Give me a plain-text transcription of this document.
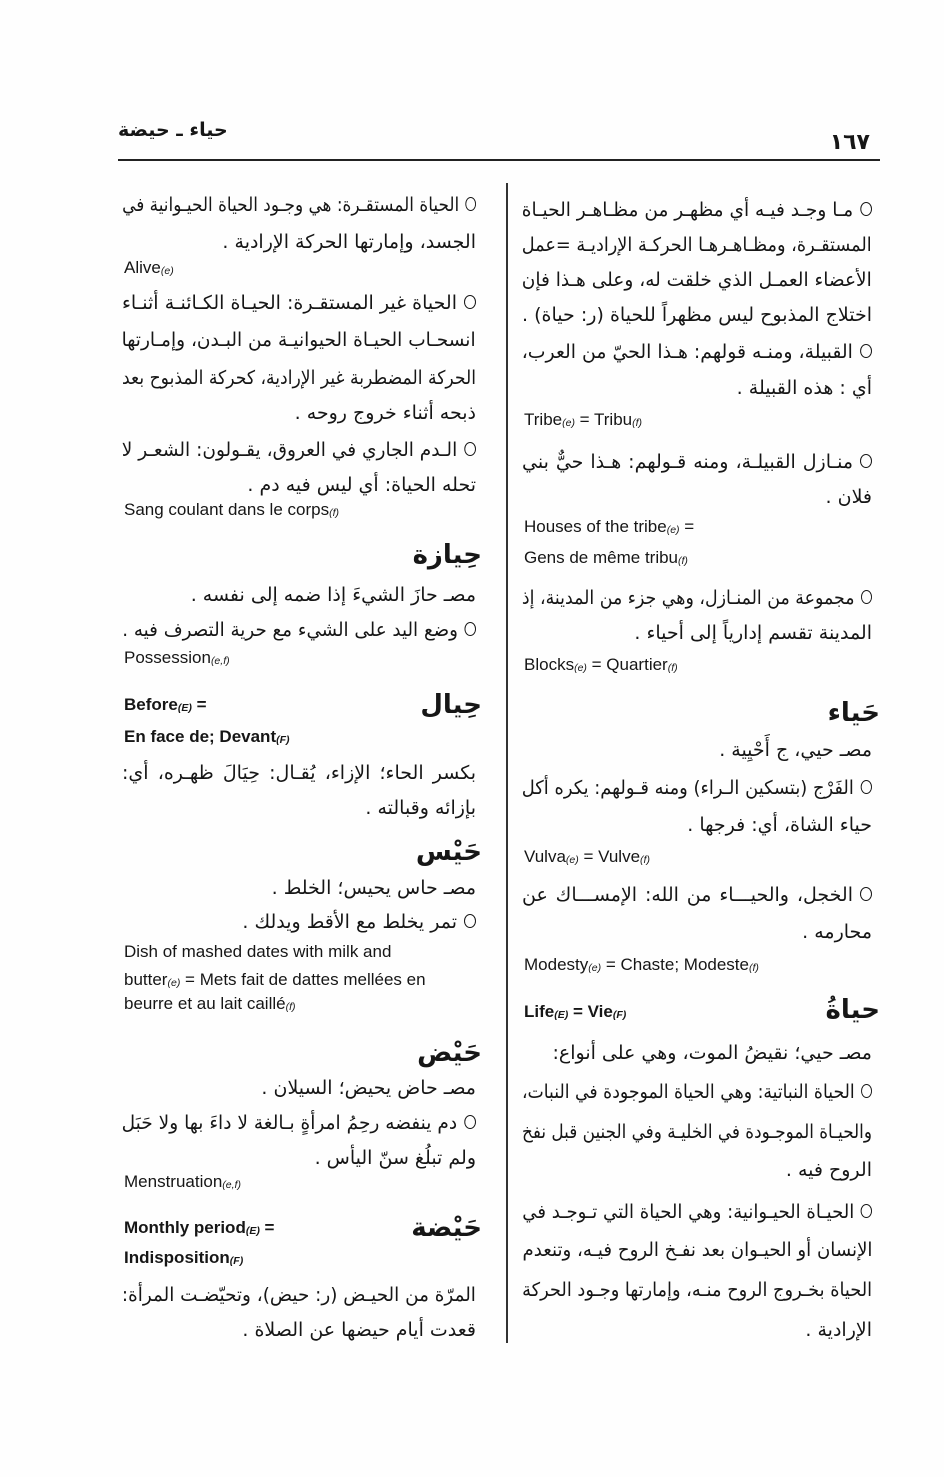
١٦٧
حياء ـ حيضة
مـا وجـد فيـه أي مظهـر من مظـاهـر الحيـاة
المستقـرة، ومظـاهـرهـا الحركـة الإراديـة =عمل
الأعضاء العمـل الذي خلقت له، وعلى هـذا فإن
اختلاج المذبوح ليس مظهراً للحياة (ر: حياة) .
القبيلة، ومنـه قولهم: هـذا الحيّ من العرب،
أي : هذه القبيلة .
Tribe(e) = Tribu(f)
منـازل القبيلـة، ومنه قـولهم: هـذا حيٌّ بني
فلان .
Houses of the tribe(e) =
Gens de même tribu(f)
مجموعة من المنـازل، وهي جزء من المدينة، إذ
المدينة تقسم إدارياً إلى أحياء .
Blocks(e) = Quartier(f)
حَياء
مصـ حيي، ج أَحْيِية .
الفَرْج (بتسكين الـراء) ومنه قـولهم: يكره أكل
حياء الشاة، أي: فرجها .
Vulva(e) = Vulve(f)
الخجل، والحيـــاء من الله: الإمســـاك عن
محارمه .
Modesty(e) = Chaste; Modeste(f)
حياةُ
Life(E) = Vie(F)
مصـ حيي؛ نقيضُ الموت، وهي على أنواع:
الحياة النباتية: وهي الحياة الموجودة في النبات،
والحيـاة الموجـودة في الخليـة وفي الجنين قبل نفخ
الروح فيه .
الحيـاة الحيـوانية: وهي الحياة التي تـوجـد في
الإنسان أو الحيـوان بعد نفـخ الروح فيـه، وتنعدم
الحياة بخـروج الروح منـه، وإمارتها وجـود الحركة
الإرادية .
الحياة المستقـرة: هي وجـود الحياة الحيـوانية في
الجسد، وإمارتها الحركة الإرادية .
Alive(e)
الحياة غير المستقـرة: الحيـاة الكـائنـة أثنـاء
انسحـاب الحيـاة الحيوانيـة من البـدن، وإمـارتها
الحركة المضطربة غير الإرادية، كحركة المذبوح بعد
ذبحه أثناء خروج روحه .
الـدم الجاري في العروق، يقـولون: الشعـر لا
تحله الحياة: أي ليس فيه دم .
Sang coulant dans le corps(f)
حِيازة
مصـ حازَ الشيءَ إذا ضمه إلى نفسه .
وضع اليد على الشيء مع حرية التصرف فيه .
Possession(e,f)
حِيال
Before(E) =
En face de; Devant(F)
بكسر الحاء؛ الإزاء، يُقـال: حِيَالَ ظهـره، أي:
بإزائه وقبالته .
حَيْس
مصـ حاس يحيس؛ الخلط .
تمر يخلط مع الأقط ويدلك .
Dish of mashed dates with milk and
butter(e) = Mets fait de dattes mellées en
beurre et au lait caillé(f)
حَيْض
مصـ حاض يحيض؛ السيلان .
دم ينفضه رحِمُ امرأةٍ بـالغة لا داءَ بها ولا حَبَل
ولم تبلُغ سنّ اليأس .
Menstruation(e,f)
حَيْضة
Monthly period(E) =
Indisposition(F)
المرّة من الحيـض (ر: حيض)، وتحيّضـت المرأة:
قعدت أيام حيضها عن الصلاة .
